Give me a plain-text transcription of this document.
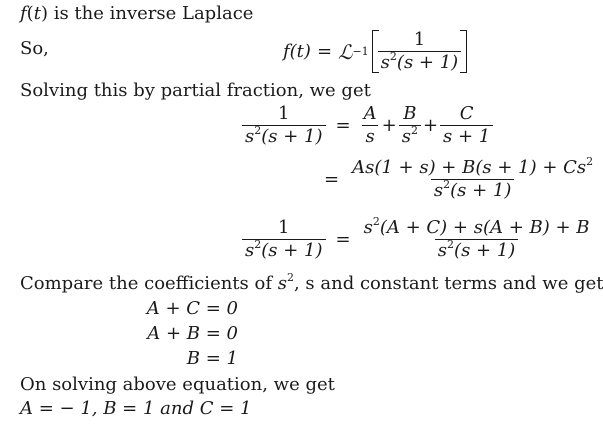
f(t) is the inverse Laplace
So,	f(t) = ℒ $-1 \frac{1}{s^2(s + 1)}$
Solving this by partial fraction, we get
$\frac{1}{s^2(s + 1)} = \frac{A}{s} + \frac{B}{s^2} + \frac{C}{s + 1}$
= $\frac{As(1 + s) + B(s + 1) + Cs^2}{s^2(s + 1)}$
$\frac{1}{s^2(s + 1)} = \frac{s^2(A + C) + s(A + B) + B}{s^2(s + 1)}$
Compare the coefficients of $s^2$, s and constant terms and we get
A + C = 0
A + B = 0
B = 1
On solving above equation, we get
A = − 1, B = 1 and C = 1
